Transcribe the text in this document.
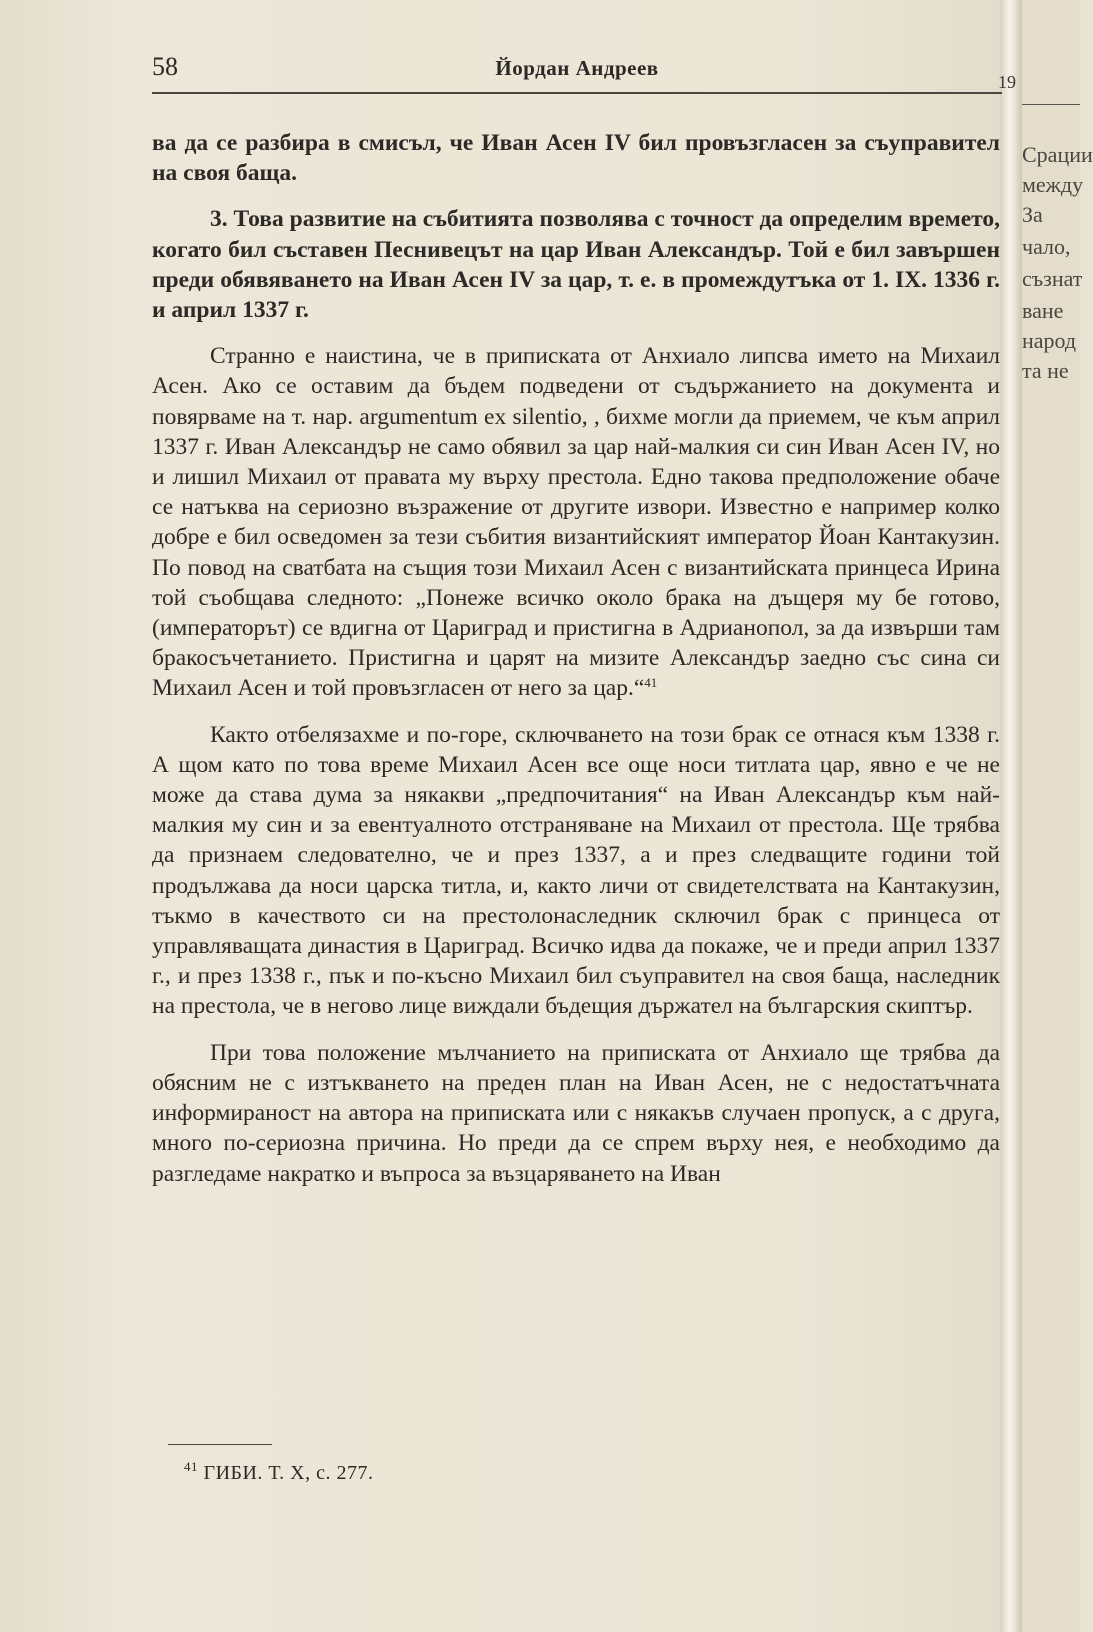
19
Срации
между
За
чало,
съзнат
ване
народ
та не
58	Йордан Андреев

ва да се разбира в смисъл, че Иван Асен IV бил провъзгласен за съуправител на своя баща.

3. Това развитие на събитията позволява с точност да определим времето, когато бил съставен Песнивецът на цар Иван Александър. Той е бил завършен преди обявяването на Иван Асен IV за цар, т. е. в промеждутъка от 1. IX. 1336 г. и април 1337 г.

Странно е наистина, че в приписката от Анхиало липсва името на Михаил Асен. Ако се оставим да бъдем подведени от съдържанието на документа и повярваме на т. нар. argumentum ex silentio, , бихме могли да приемем, че към април 1337 г. Иван Александър не само обявил за цар най-малкия си син Иван Асен IV, но и лишил Михаил от правата му върху престола. Едно такова предположение обаче се натъква на сериозно възражение от другите извори. Известно е например колко добре е бил осведомен за тези събития византийският император Йоан Кантакузин. По повод на сватбата на същия този Михаил Асен с византийската принцеса Ирина той съобщава следното: „Понеже всичко около брака на дъщеря му бе готово, (императорът) се вдигна от Цариград и пристигна в Адрианопол, за да извърши там бракосъчетанието. Пристигна и царят на мизите Александър заедно със сина си Михаил Асен и той провъзгласен от него за цар.“$^{41}$

Както отбелязахме и по-горе, сключването на този брак се отнася към 1338 г. А щом като по това време Михаил Асен все още носи титлата цар, явно е че не може да става дума за някакви „предпочитания“ на Иван Александър към най-малкия му син и за евентуалното отстраняване на Михаил от престола. Ще трябва да признаем следователно, че и през 1337, а и през следващите години той продължава да носи царска титла, и, както личи от свидетелствата на Кантакузин, тъкмо в качеството си на престолонаследник сключил брак с принцеса от управляващата династия в Цариград. Всичко идва да покаже, че и преди април 1337 г., и през 1338 г., пък и по-късно Михаил бил съуправител на своя баща, наследник на престола, че в негово лице виждали бъдещия държател на българския скиптър.

При това положение мълчанието на приписката от Анхиало ще трябва да обясним не с изтъкването на преден план на Иван Асен, не с недостатъчната информираност на автора на приписката или с някакъв случаен пропуск, а с друга, много по-сериозна причина. Но преди да се спрем върху нея, е необходимо да разгледаме накратко и въпроса за възцаряването на Иван

$^{41}$ ГИБИ. Т. X, с. 277.
